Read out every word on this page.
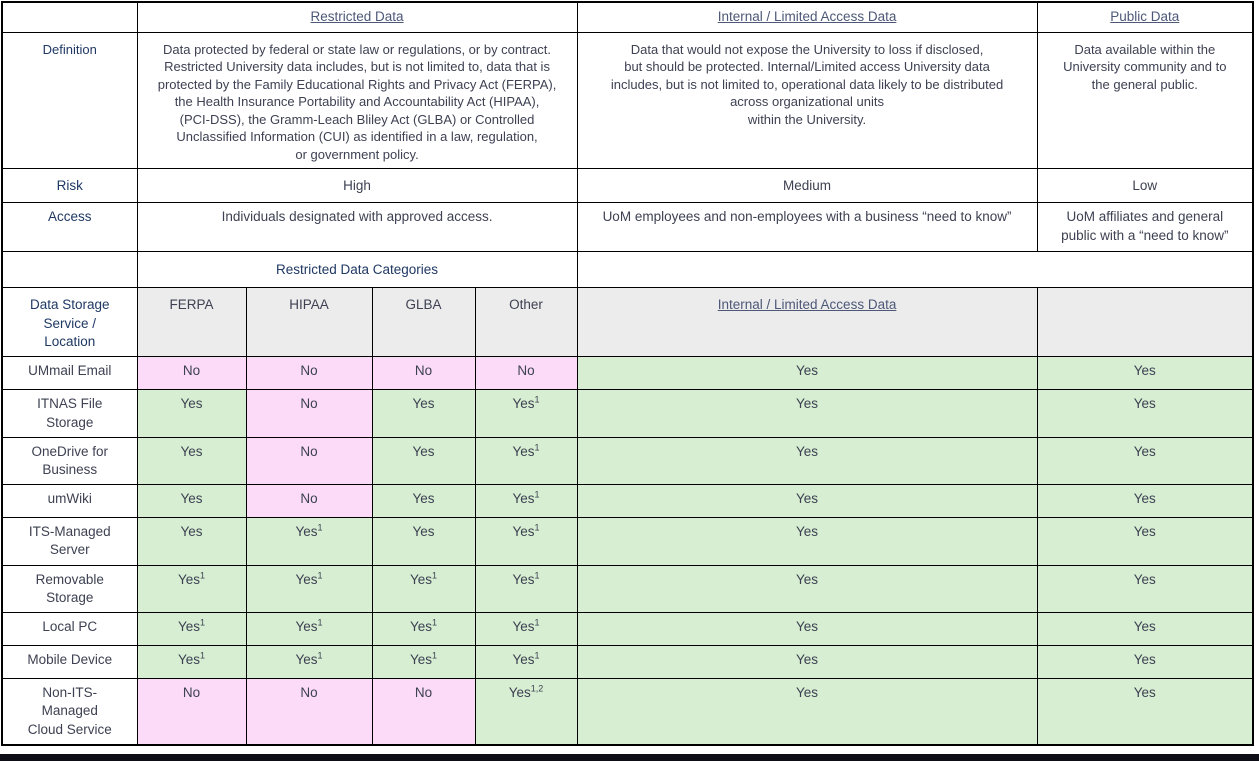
	Restricted Data				Internal / Limited Access Data	Public Data
Definition	Data protected by federal or state law or regulations, or by contract.
Restricted University data includes, but is not limited to, data that is
protected by the Family Educational Rights and Privacy Act (FERPA),
the Health Insurance Portability and Accountability Act (HIPAA),
(PCI-DSS), the Gramm-Leach Bliley Act (GLBA) or Controlled
Unclassified Information (CUI) as identified in a law, regulation,
or government policy.	Data that would not expose the University to loss if disclosed,
but should be protected. Internal/Limited access University data
includes, but is not limited to, operational data likely to be distributed
across organizational units
within the University.	Data available within the
University community and to
the general public.
Risk	High				Medium	Low
Access	Individuals designated with approved access.				UoM employees and non-employees with a business “need to know”	UoM affiliates and general
public with a “need to know”
	Restricted Data Categories					
Data Storage
Service /
Location	FERPA	HIPAA	GLBA	Other	Internal / Limited Access Data	
UMmail Email	No	No	No	No	Yes	Yes
ITNAS File
Storage	Yes	No	Yes	Yes$^1$	Yes	Yes
OneDrive for
Business	Yes	No	Yes	Yes$^1$	Yes	Yes
umWiki	Yes	No	Yes	Yes$^1$	Yes	Yes
ITS-Managed
Server	Yes	Yes$^1$	Yes	Yes$^1$	Yes	Yes
Removable
Storage	Yes$^1$	Yes$^1$	Yes$^1$	Yes$^1$	Yes	Yes
Local PC	Yes$^1$	Yes$^1$	Yes$^1$	Yes$^1$	Yes	Yes
Mobile Device	Yes$^1$	Yes$^1$	Yes$^1$	Yes$^1$	Yes	Yes
Non-ITS-
Managed
Cloud Service	No	No	No	Yes$^{1,2}$	Yes	Yes
